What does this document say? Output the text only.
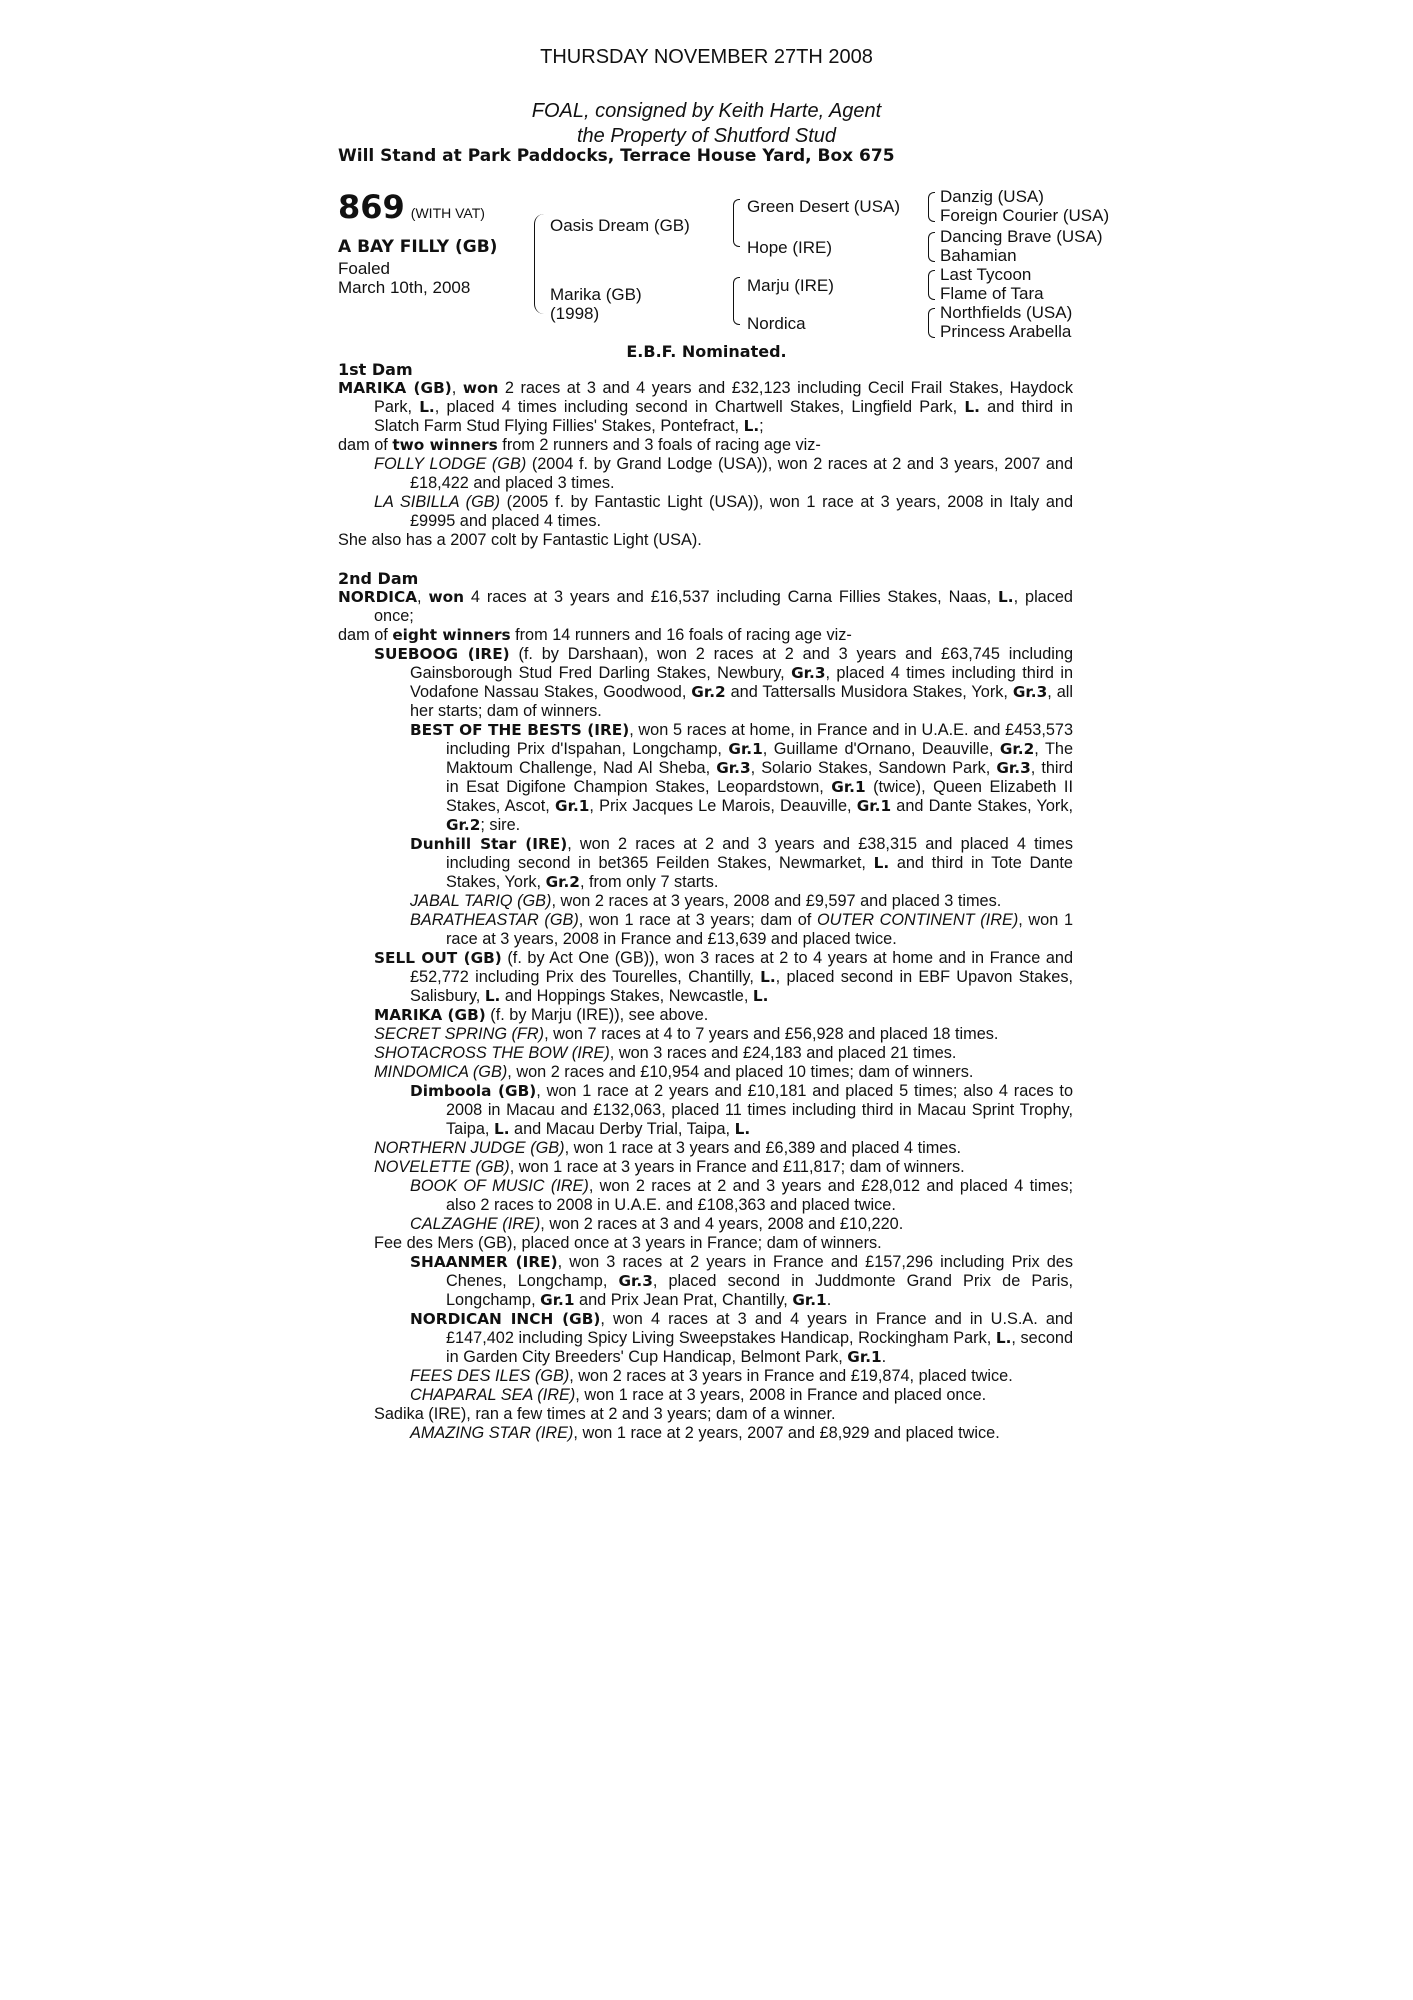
THURSDAY NOVEMBER 27TH 2008
FOAL, consigned by Keith Harte, Agent
the Property of Shutford Stud
Will Stand at Park Paddocks, Terrace House Yard, Box 675
869 (WITH VAT)
A BAY FILLY (GB)
Foaled
March 10th, 2008
Oasis Dream (GB)
Marika (GB)
(1998)
Green Desert (USA)
Hope (IRE)
Marju (IRE)
Nordica
Danzig (USA)
Foreign Courier (USA)
Dancing Brave (USA)
Bahamian
Last Tycoon
Flame of Tara
Northfields (USA)
Princess Arabella
E.B.F. Nominated.
1st Dam
MARIKA (GB), won 2 races at 3 and 4 years and £32,123 including Cecil Frail Stakes, Haydock Park, L., placed 4 times including second in Chartwell Stakes, Lingfield Park, L. and third in Slatch Farm Stud Flying Fillies' Stakes, Pontefract, L.;
dam of two winners from 2 runners and 3 foals of racing age viz-
FOLLY LODGE (GB) (2004 f. by Grand Lodge (USA)), won 2 races at 2 and 3 years, 2007 and £18,422 and placed 3 times.
LA SIBILLA (GB) (2005 f. by Fantastic Light (USA)), won 1 race at 3 years, 2008 in Italy and £9995 and placed 4 times.
She also has a 2007 colt by Fantastic Light (USA).
2nd Dam
NORDICA, won 4 races at 3 years and £16,537 including Carna Fillies Stakes, Naas, L., placed once;
dam of eight winners from 14 runners and 16 foals of racing age viz-
SUEBOOG (IRE) (f. by Darshaan), won 2 races at 2 and 3 years and £63,745 including Gainsborough Stud Fred Darling Stakes, Newbury, Gr.3, placed 4 times including third in Vodafone Nassau Stakes, Goodwood, Gr.2 and Tattersalls Musidora Stakes, York, Gr.3, all her starts; dam of winners.
BEST OF THE BESTS (IRE), won 5 races at home, in France and in U.A.E. and £453,573 including Prix d'Ispahan, Longchamp, Gr.1, Guillame d'Ornano, Deauville, Gr.2, The Maktoum Challenge, Nad Al Sheba, Gr.3, Solario Stakes, Sandown Park, Gr.3, third in Esat Digifone Champion Stakes, Leopardstown, Gr.1 (twice), Queen Elizabeth II Stakes, Ascot, Gr.1, Prix Jacques Le Marois, Deauville, Gr.1 and Dante Stakes, York, Gr.2; sire.
Dunhill Star (IRE), won 2 races at 2 and 3 years and £38,315 and placed 4 times including second in bet365 Feilden Stakes, Newmarket, L. and third in Tote Dante Stakes, York, Gr.2, from only 7 starts.
JABAL TARIQ (GB), won 2 races at 3 years, 2008 and £9,597 and placed 3 times.
BARATHEASTAR (GB), won 1 race at 3 years; dam of OUTER CONTINENT (IRE), won 1 race at 3 years, 2008 in France and £13,639 and placed twice.
SELL OUT (GB) (f. by Act One (GB)), won 3 races at 2 to 4 years at home and in France and £52,772 including Prix des Tourelles, Chantilly, L., placed second in EBF Upavon Stakes, Salisbury, L. and Hoppings Stakes, Newcastle, L.
MARIKA (GB) (f. by Marju (IRE)), see above.
SECRET SPRING (FR), won 7 races at 4 to 7 years and £56,928 and placed 18 times.
SHOTACROSS THE BOW (IRE), won 3 races and £24,183 and placed 21 times.
MINDOMICA (GB), won 2 races and £10,954 and placed 10 times; dam of winners.
Dimboola (GB), won 1 race at 2 years and £10,181 and placed 5 times; also 4 races to 2008 in Macau and £132,063, placed 11 times including third in Macau Sprint Trophy, Taipa, L. and Macau Derby Trial, Taipa, L.
NORTHERN JUDGE (GB), won 1 race at 3 years and £6,389 and placed 4 times.
NOVELETTE (GB), won 1 race at 3 years in France and £11,817; dam of winners.
BOOK OF MUSIC (IRE), won 2 races at 2 and 3 years and £28,012 and placed 4 times; also 2 races to 2008 in U.A.E. and £108,363 and placed twice.
CALZAGHE (IRE), won 2 races at 3 and 4 years, 2008 and £10,220.
Fee des Mers (GB), placed once at 3 years in France; dam of winners.
SHAANMER (IRE), won 3 races at 2 years in France and £157,296 including Prix des Chenes, Longchamp, Gr.3, placed second in Juddmonte Grand Prix de Paris, Longchamp, Gr.1 and Prix Jean Prat, Chantilly, Gr.1.
NORDICAN INCH (GB), won 4 races at 3 and 4 years in France and in U.S.A. and £147,402 including Spicy Living Sweepstakes Handicap, Rockingham Park, L., second in Garden City Breeders' Cup Handicap, Belmont Park, Gr.1.
FEES DES ILES (GB), won 2 races at 3 years in France and £19,874, placed twice.
CHAPARAL SEA (IRE), won 1 race at 3 years, 2008 in France and placed once.
Sadika (IRE), ran a few times at 2 and 3 years; dam of a winner.
AMAZING STAR (IRE), won 1 race at 2 years, 2007 and £8,929 and placed twice.
